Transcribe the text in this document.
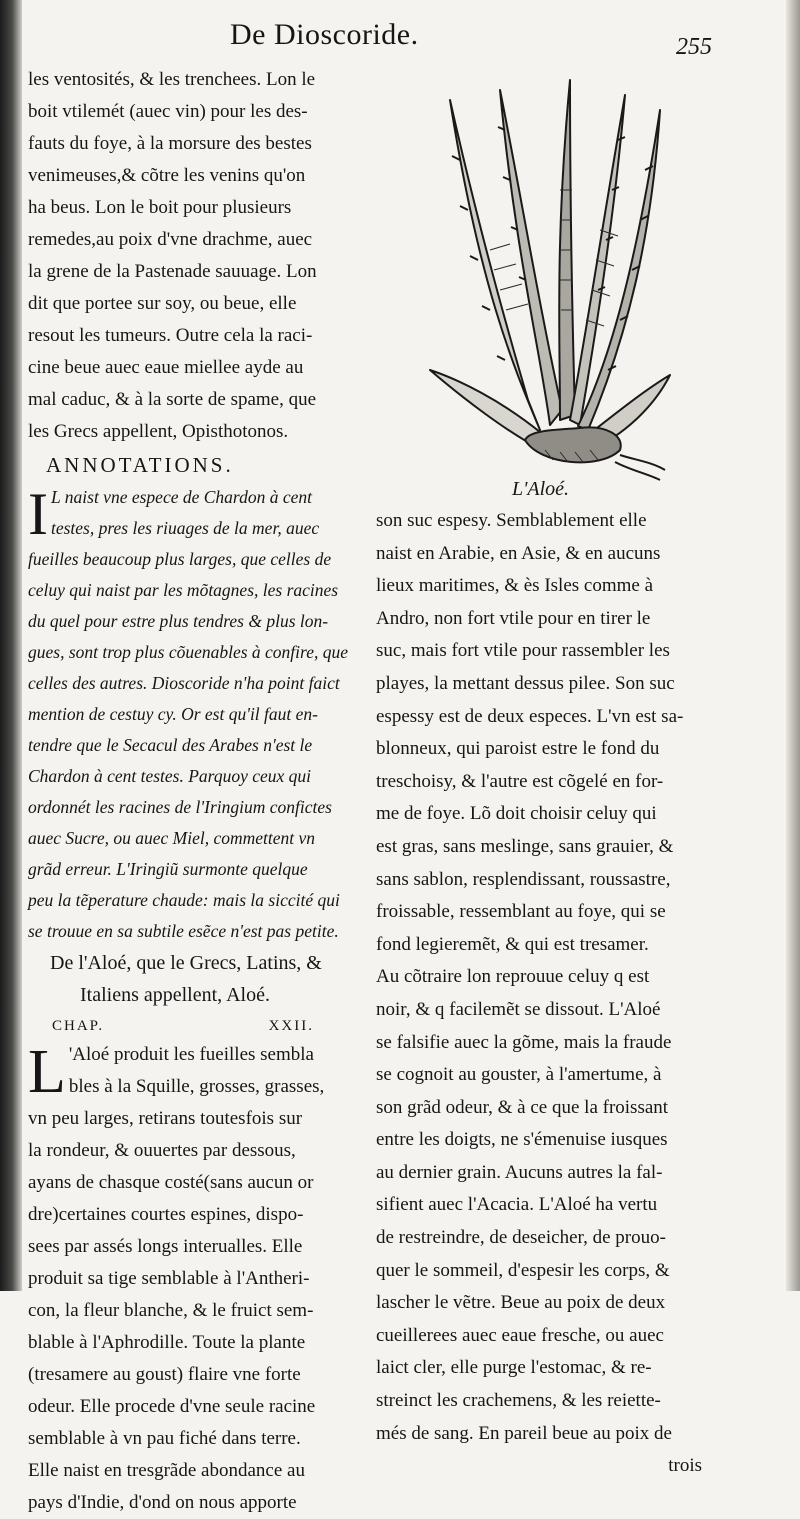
De Dioscoride.	255
les ventosités, & les trenchees. Lon le
boit vtilemét (auec vin) pour les des-
fauts du foye, à la morsure des bestes
venimeuses,& cõtre les venins qu'on
ha beus. Lon le boit pour plusieurs
remedes,au poix d'vne drachme, auec
la grene de la Pastenade sauuage. Lon
dit que portee sur soy, ou beue, elle
resout les tumeurs. Outre cela la raci-
cine beue auec eaue miellee ayde au
mal caduc, & à la sorte de spame, que
les Grecs appellent, Opisthotonos.
ANNOTATIONS.
I L naist vne espece de Chardon à cent
testes, pres les riuages de la mer, auec
fueilles beaucoup plus larges, que celles de
celuy qui naist par les mõtagnes, les racines
du quel pour estre plus tendres & plus lon-
gues, sont trop plus cõuenables à confire, que
celles des autres. Dioscoride n'ha point faict
mention de cestuy cy. Or est qu'il faut en-
tendre que le Secacul des Arabes n'est le
Chardon à cent testes. Parquoy ceux qui
ordonnét les racines de l'Iringium confictes
auec Sucre, ou auec Miel, commettent vn
grãd erreur. L'Iringiũ surmonte quelque
peu la tẽperature chaude: mais la siccité qui
se trouue en sa subtile esẽce n'est pas petite.
De l'Aloé, que le Grecs, Latins, &
Italiens appellent, Aloé.
CHAP.	XXII.
L 'Aloé produit les fueilles sembla
bles à la Squille, grosses, grasses,
vn peu larges, retirans toutesfois sur
la rondeur, & ouuertes par dessous,
ayans de chasque costé(sans aucun or
dre)certaines courtes espines, dispo-
sees par assés longs interualles. Elle
produit sa tige semblable à l'Antheri-
con, la fleur blanche, & le fruict sem-
blable à l'Aphrodille. Toute la plante
(tresamere au goust) flaire vne forte
odeur. Elle procede d'vne seule racine
semblable à vn pau fiché dans terre.
Elle naist en tresgrãde abondance au
pays d'Indie, d'ond on nous apporte
L'Aloé.
son suc espesy. Semblablement elle
naist en Arabie, en Asie, & en aucuns
lieux maritimes, & ès Isles comme à
Andro, non fort vtile pour en tirer le
suc, mais fort vtile pour rassembler les
playes, la mettant dessus pilee. Son suc
espessy est de deux especes. L'vn est sa-
blonneux, qui paroist estre le fond du
treschoisy, & l'autre est cõgelé en for-
me de foye. Lõ doit choisir celuy qui
est gras, sans meslinge, sans grauier, &
sans sablon, resplendissant, roussastre,
froissable, ressemblant au foye, qui se
fond legieremẽt, & qui est tresamer.
Au cõtraire lon reprouue celuy q est
noir, & q facilemẽt se dissout. L'Aloé
se falsifie auec la gõme, mais la fraude
se cognoit au gouster, à l'amertume, à
son grãd odeur, & à ce que la froissant
entre les doigts, ne s'émenuise iusques
au dernier grain. Aucuns autres la fal-
sifient auec l'Acacia. L'Aloé ha vertu
de restreindre, de deseicher, de prouo-
quer le sommeil, d'espesir les corps, &
lascher le vẽtre. Beue au poix de deux
cueillerees auec eaue fresche, ou auec
laict cler, elle purge l'estomac, & re-
streinct les crachemens, & les reiette-
més de sang. En pareil beue au poix de
trois
